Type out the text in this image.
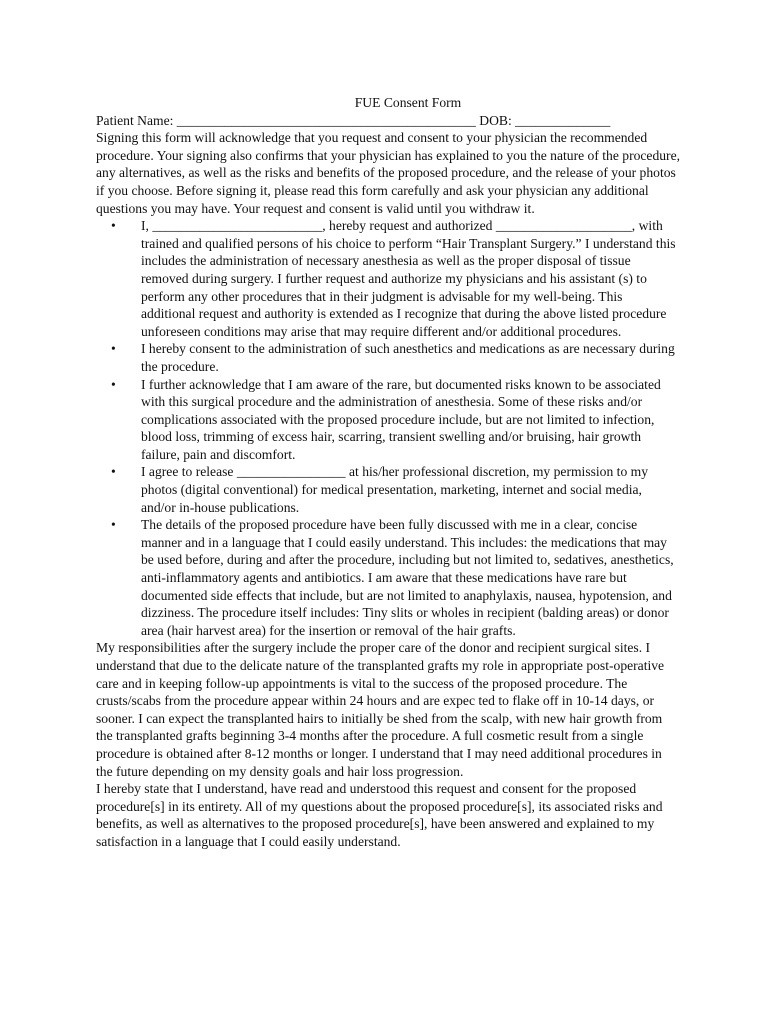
FUE Consent Form
Patient Name: ____________________________________________ DOB: ______________

Signing this form will acknowledge that you request and consent to your physician the recommended procedure. Your signing also confirms that your physician has explained to you the nature of the procedure, any alternatives, as well as the risks and benefits of the proposed procedure, and the release of your photos if you choose. Before signing it, please read this form carefully and ask your physician any additional questions you may have. Your request and consent is valid until you withdraw it.

• I, _________________________, hereby request and authorized ____________________, with trained and qualified persons of his choice to perform “Hair Transplant Surgery.” I understand this includes the administration of necessary anesthesia as well as the proper disposal of tissue removed during surgery. I further request and authorize my physicians and his assistant (s) to perform any other procedures that in their judgment is advisable for my well-being. This additional request and authority is extended as I recognize that during the above listed procedure unforeseen conditions may arise that may require different and/or additional procedures.
• I hereby consent to the administration of such anesthetics and medications as are necessary during the procedure.
• I further acknowledge that I am aware of the rare, but documented risks known to be associated with this surgical procedure and the administration of anesthesia. Some of these risks and/or complications associated with the proposed procedure include, but are not limited to infection, blood loss, trimming of excess hair, scarring, transient swelling and/or bruising, hair growth failure, pain and discomfort.
• I agree to release ________________ at his/her professional discretion, my permission to my photos (digital conventional) for medical presentation, marketing, internet and social media, and/or in-house publications.
• The details of the proposed procedure have been fully discussed with me in a clear, concise manner and in a language that I could easily understand. This includes: the medications that may be used before, during and after the procedure, including but not limited to, sedatives, anesthetics, anti-inflammatory agents and antibiotics. I am aware that these medications have rare but documented side effects that include, but are not limited to anaphylaxis, nausea, hypotension, and dizziness. The procedure itself includes: Tiny slits or wholes in recipient (balding areas) or donor area (hair harvest area) for the insertion or removal of the hair grafts.

My responsibilities after the surgery include the proper care of the donor and recipient surgical sites. I understand that due to the delicate nature of the transplanted grafts my role in appropriate post-operative care and in keeping follow-up appointments is vital to the success of the proposed procedure. The crusts/scabs from the procedure appear within 24 hours and are expec ted to flake off in 10-14 days, or sooner. I can expect the transplanted hairs to initially be shed from the scalp, with new hair growth from the transplanted grafts beginning 3-4 months after the procedure. A full cosmetic result from a single procedure is obtained after 8-12 months or longer. I understand that I may need additional procedures in the future depending on my density goals and hair loss progression.

I hereby state that I understand, have read and understood this request and consent for the proposed procedure[s] in its entirety. All of my questions about the proposed procedure[s], its associated risks and benefits, as well as alternatives to the proposed procedure[s], have been answered and explained to my satisfaction in a language that I could easily understand.
